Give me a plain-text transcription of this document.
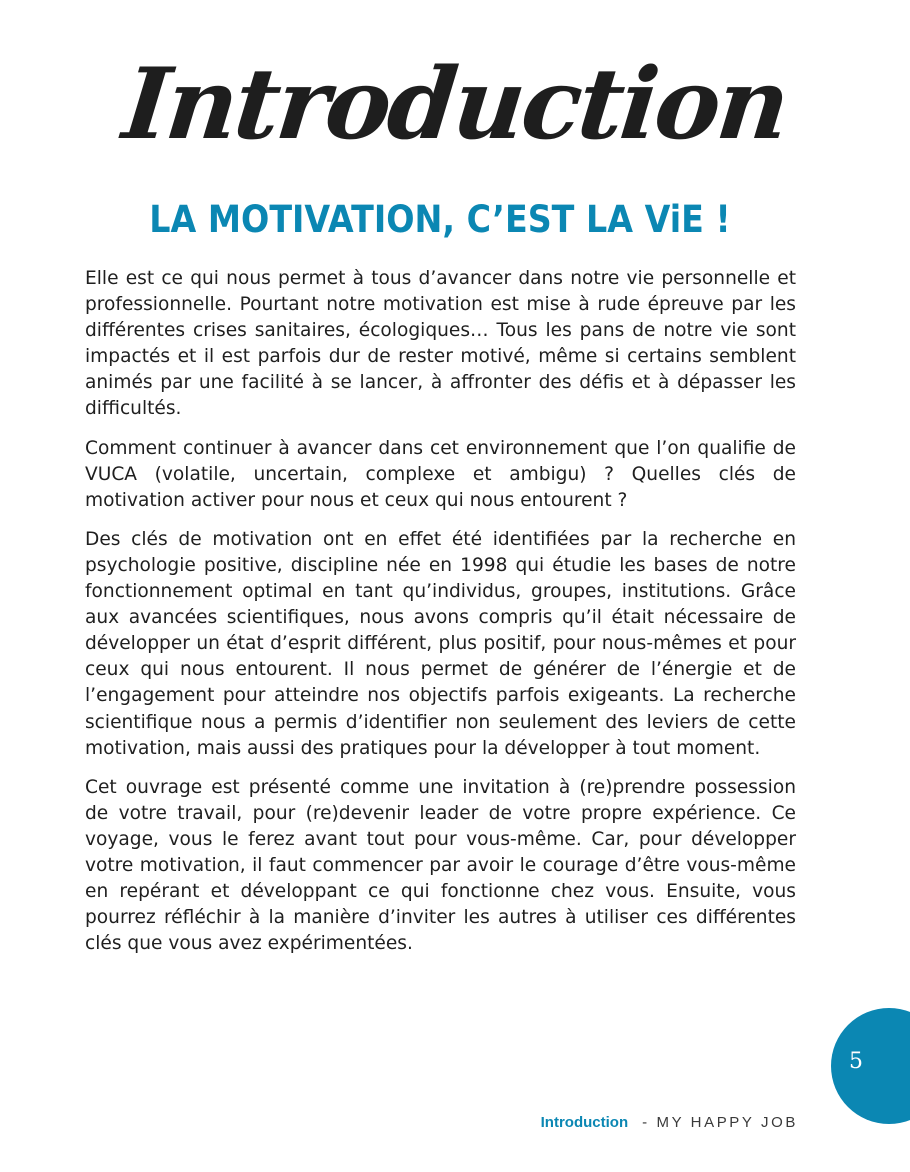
Introduction
LA MOTIVATION, C’EST LA ViE !

Elle est ce qui nous permet à tous d’avancer dans notre vie personnelle et professionnelle. Pourtant notre motivation est mise à rude épreuve par les différentes crises sanitaires, écologiques… Tous les pans de notre vie sont impactés et il est parfois dur de rester motivé, même si certains semblent animés par une facilité à se lancer, à affronter des défis et à dépasser les difficultés.

Comment continuer à avancer dans cet environnement que l’on qualifie de VUCA (volatile, uncertain, complexe et ambigu) ? Quelles clés de motivation activer pour nous et ceux qui nous entourent ?

Des clés de motivation ont en effet été identifiées par la recherche en psychologie positive, discipline née en 1998 qui étudie les bases de notre fonctionnement optimal en tant qu’individus, groupes, institutions. Grâce aux avancées scientifiques, nous avons compris qu’il était nécessaire de développer un état d’esprit différent, plus positif, pour nous-mêmes et pour ceux qui nous entourent. Il nous permet de générer de l’énergie et de l’engagement pour atteindre nos objectifs parfois exigeants. La recherche scientifique nous a permis d’identifier non seulement des leviers de cette motivation, mais aussi des pratiques pour la développer à tout moment.

Cet ouvrage est présenté comme une invitation à (re)prendre possession de votre travail, pour (re)devenir leader de votre propre expérience. Ce voyage, vous le ferez avant tout pour vous-même. Car, pour développer votre motivation, il faut commencer par avoir le courage d’être vous-même en repérant et développant ce qui fonctionne chez vous. Ensuite, vous pourrez réfléchir à la manière d’inviter les autres à utiliser ces différentes clés que vous avez expérimentées.

5
Introduction - MY HAPPY JOB
